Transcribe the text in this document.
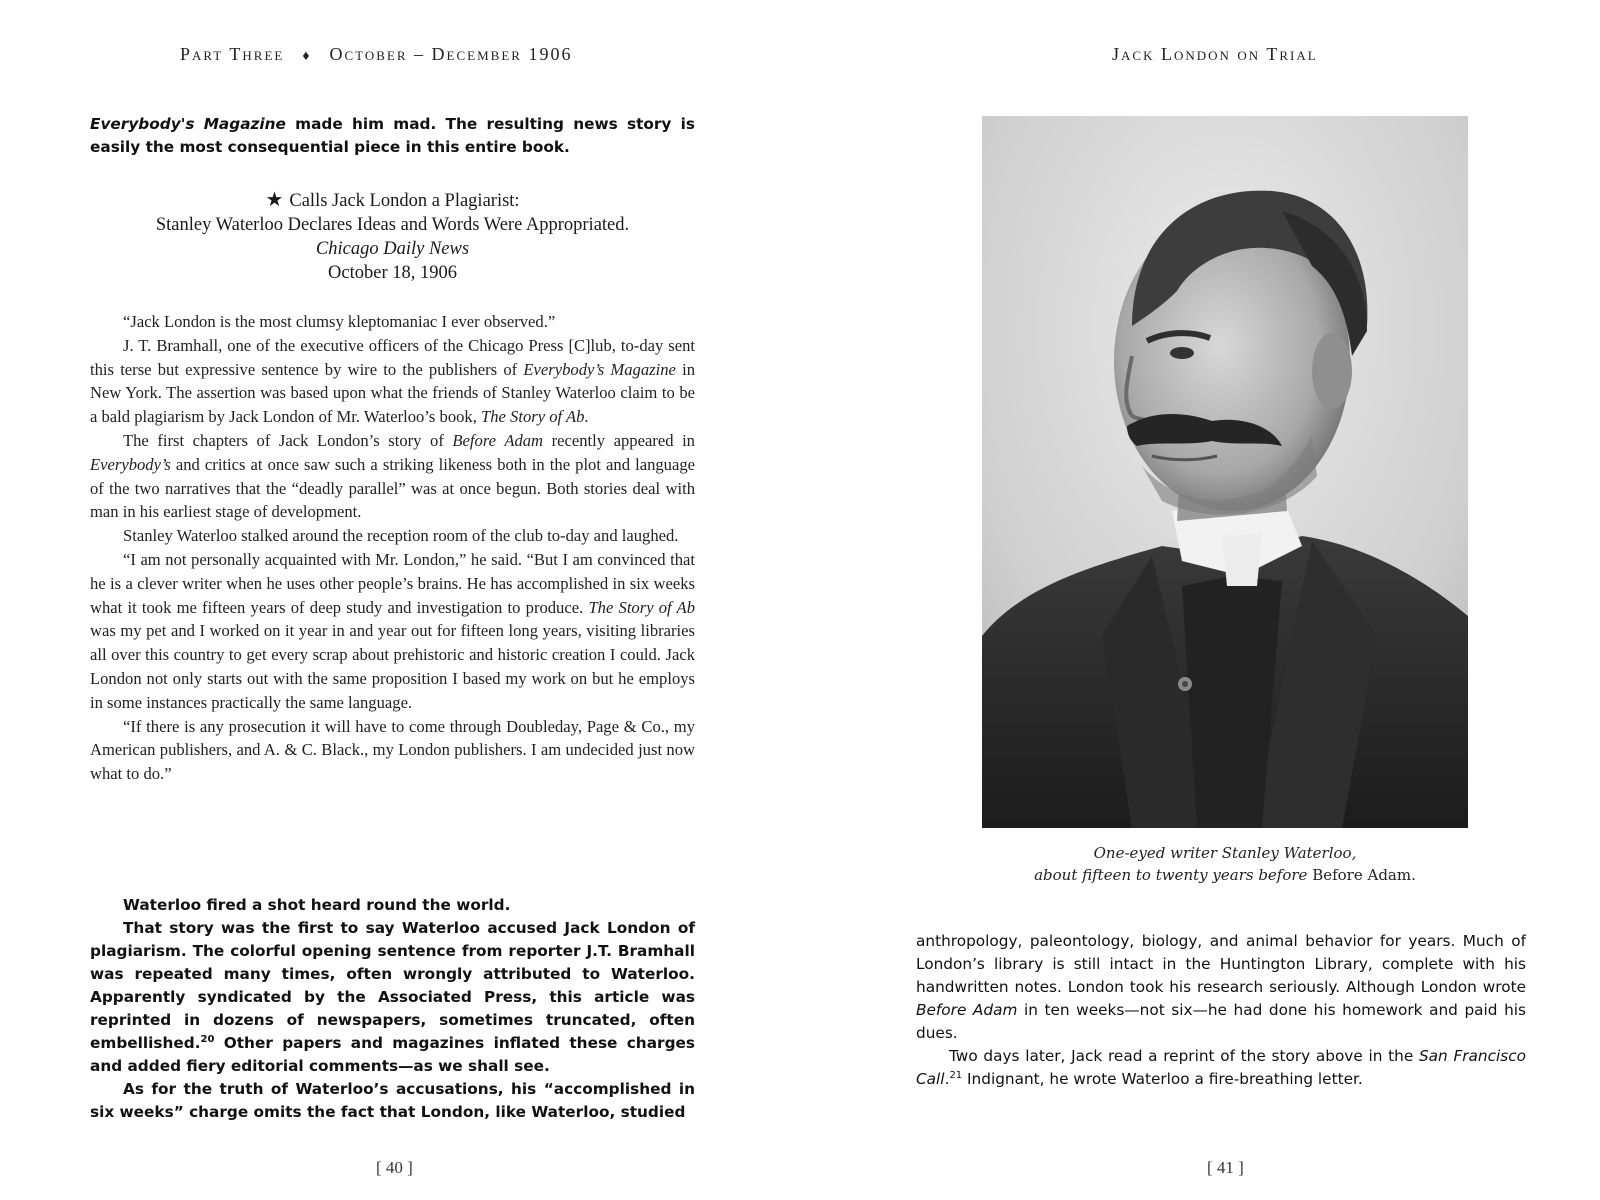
Part Three ♦ October – December 1906

Everybody's Magazine made him mad. The resulting news story is easily the most consequential piece in this entire book.

★ Calls Jack London a Plagiarist:
Stanley Waterloo Declares Ideas and Words Were Appropriated.
Chicago Daily News
October 18, 1906

“Jack London is the most clumsy kleptomaniac I ever observed.”

J. T. Bramhall, one of the executive officers of the Chicago Press [C]lub, to-day sent this terse but expressive sentence by wire to the publishers of Everybody’s Magazine in New York. The assertion was based upon what the friends of Stanley Waterloo claim to be a bald plagiarism by Jack London of Mr. Waterloo’s book, The Story of Ab.

The first chapters of Jack London’s story of Before Adam recently appeared in Everybody’s and critics at once saw such a striking likeness both in the plot and language of the two narratives that the “deadly parallel” was at once begun. Both stories deal with man in his earliest stage of development.

Stanley Waterloo stalked around the reception room of the club to-day and laughed.

“I am not personally acquainted with Mr. London,” he said. “But I am convinced that he is a clever writer when he uses other people’s brains. He has accomplished in six weeks what it took me fifteen years of deep study and investigation to produce. The Story of Ab was my pet and I worked on it year in and year out for fifteen long years, visiting libraries all over this country to get every scrap about prehistoric and historic creation I could. Jack London not only starts out with the same proposition I based my work on but he employs in some instances practically the same language.

“If there is any prosecution it will have to come through Doubleday, Page & Co., my American publishers, and A. & C. Black., my London publishers. I am undecided just now what to do.”

Waterloo fired a shot heard round the world.

That story was the first to say Waterloo accused Jack London of plagiarism. The colorful opening sentence from reporter J.T. Bramhall was repeated many times, often wrongly attributed to Waterloo. Apparently syndicated by the Associated Press, this article was reprinted in dozens of newspapers, sometimes truncated, often embellished.$^{20}$ Other papers and magazines inflated these charges and added fiery editorial comments—as we shall see.

As for the truth of Waterloo’s accusations, his “accomplished in six weeks” charge omits the fact that London, like Waterloo, studied

[ 40 ]
Jack London on Trial
One-eyed writer Stanley Waterloo,
about fifteen to twenty years before Before Adam.

anthropology, paleontology, biology, and animal behavior for years. Much of London’s library is still intact in the Huntington Library, complete with his handwritten notes. London took his research seriously. Although London wrote Before Adam in ten weeks—not six—he had done his homework and paid his dues.

Two days later, Jack read a reprint of the story above in the San Francisco Call.$^{21}$ Indignant, he wrote Waterloo a fire-breathing letter.

[ 41 ]
